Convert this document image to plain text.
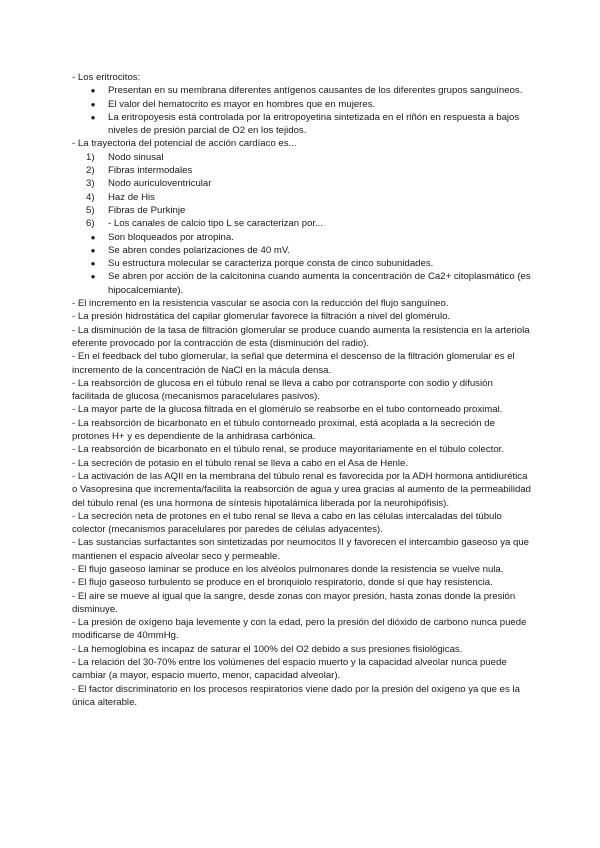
- Los eritrocitos:
● Presentan en su membrana diferentes antígenos causantes de los diferentes grupos sanguíneos.
● El valor del hematocrito es mayor en hombres que en mujeres.
● La eritropoyesis está controlada por la eritropoyetina sintetizada en el riñón en respuesta a bajos niveles de presión parcial de O2 en los tejidos.
- La trayectoria del potencial de acción cardíaco es...
1)	Nodo sinusal
2)	Fibras intermodales
3)	Nodo auriculoventricular
4)	Haz de His
5)	Fibras de Purkinje
6)	- Los canales de calcio tipo L se caracterizan por...
● Son bloqueados por atropina.
● Se abren condes polarizaciones de 40 mV.
● Su estructura molecular se caracteriza porque consta de cinco subunidades.
● Se abren por acción de la calcitonina cuando aumenta la concentración de Ca2+ citoplasmático (es hipocalcemiante).
- El incremento en la resistencia vascular se asocia con la reducción del flujo sanguíneo.
- La presión hidrostática del capilar glomerular favorece la filtración a nivel del glomérulo.
- La disminución de la tasa de filtración glomerular se produce cuando aumenta la resistencia en la arteriola eferente provocado por la contracción de esta (disminución del radio).
- En el feedback del tubo glomerular, la señal que determina el descenso de la filtración glomerular es el incremento de la concentración de NaCl en la mácula densa.
- La reabsorción de glucosa en el túbulo renal se lleva a cabo por cotransporte con sodio y difusión facilitada de glucosa (mecanismos paracelulares pasivos).
- La mayor parte de la glucosa filtrada en el glomérulo se reabsorbe en el tubo contorneado proximal.
- La reabsorción de bicarbonato en el túbulo contorneado proximal, está acoplada a la secreción de protones H+ y es dependiente de la anhidrasa carbónica.
- La reabsorción de bicarbonato en el túbulo renal, se produce mayoritariamente en el túbulo colector.
- La secreción de potasio en el túbulo renal se lleva a cabo en el Asa de Henle.
- La activación de las AQII en la membrana del túbulo renal es favorecida por la ADH hormona antidiurética o Vasopresina que incrementa/facilita la reabsorción de agua y urea gracias al aumento de la permeabilidad del túbulo renal (es una hormona de síntesis hipotalámica liberada por la neurohipófisis).
- La secreción neta de protones en el tubo renal se lleva a cabo en las células intercaladas del túbulo colector (mecanismos paracelulares por paredes de células adyacentes).
- Las sustancias surfactantes son sintetizadas por neumocitos II y favorecen el intercambio gaseoso ya que mantienen el espacio alveolar seco y permeable.
- El flujo gaseoso laminar se produce en los alvéolos pulmonares donde la resistencia se vuelve nula.
- El flujo gaseoso turbulento se produce en el bronquiolo respiratorio, donde sí que hay resistencia.
- El aire se mueve al igual que la sangre, desde zonas con mayor presión, hasta zonas donde la presión disminuye.
- La presión de oxígeno baja levemente y con la edad, pero la presión del dióxido de carbono nunca puede modificarse de 40mmHg.
- La hemoglobina es incapaz de saturar el 100% del O2 debido a sus presiones fisiológicas.
- La relación del 30-70% entre los volúmenes del espacio muerto y la capacidad alveolar nunca puede cambiar (a mayor, espacio muerto, menor, capacidad alveolar).
- El factor discriminatorio en los procesos respiratorios viene dado por la presión del oxígeno ya que es la única alterable.
